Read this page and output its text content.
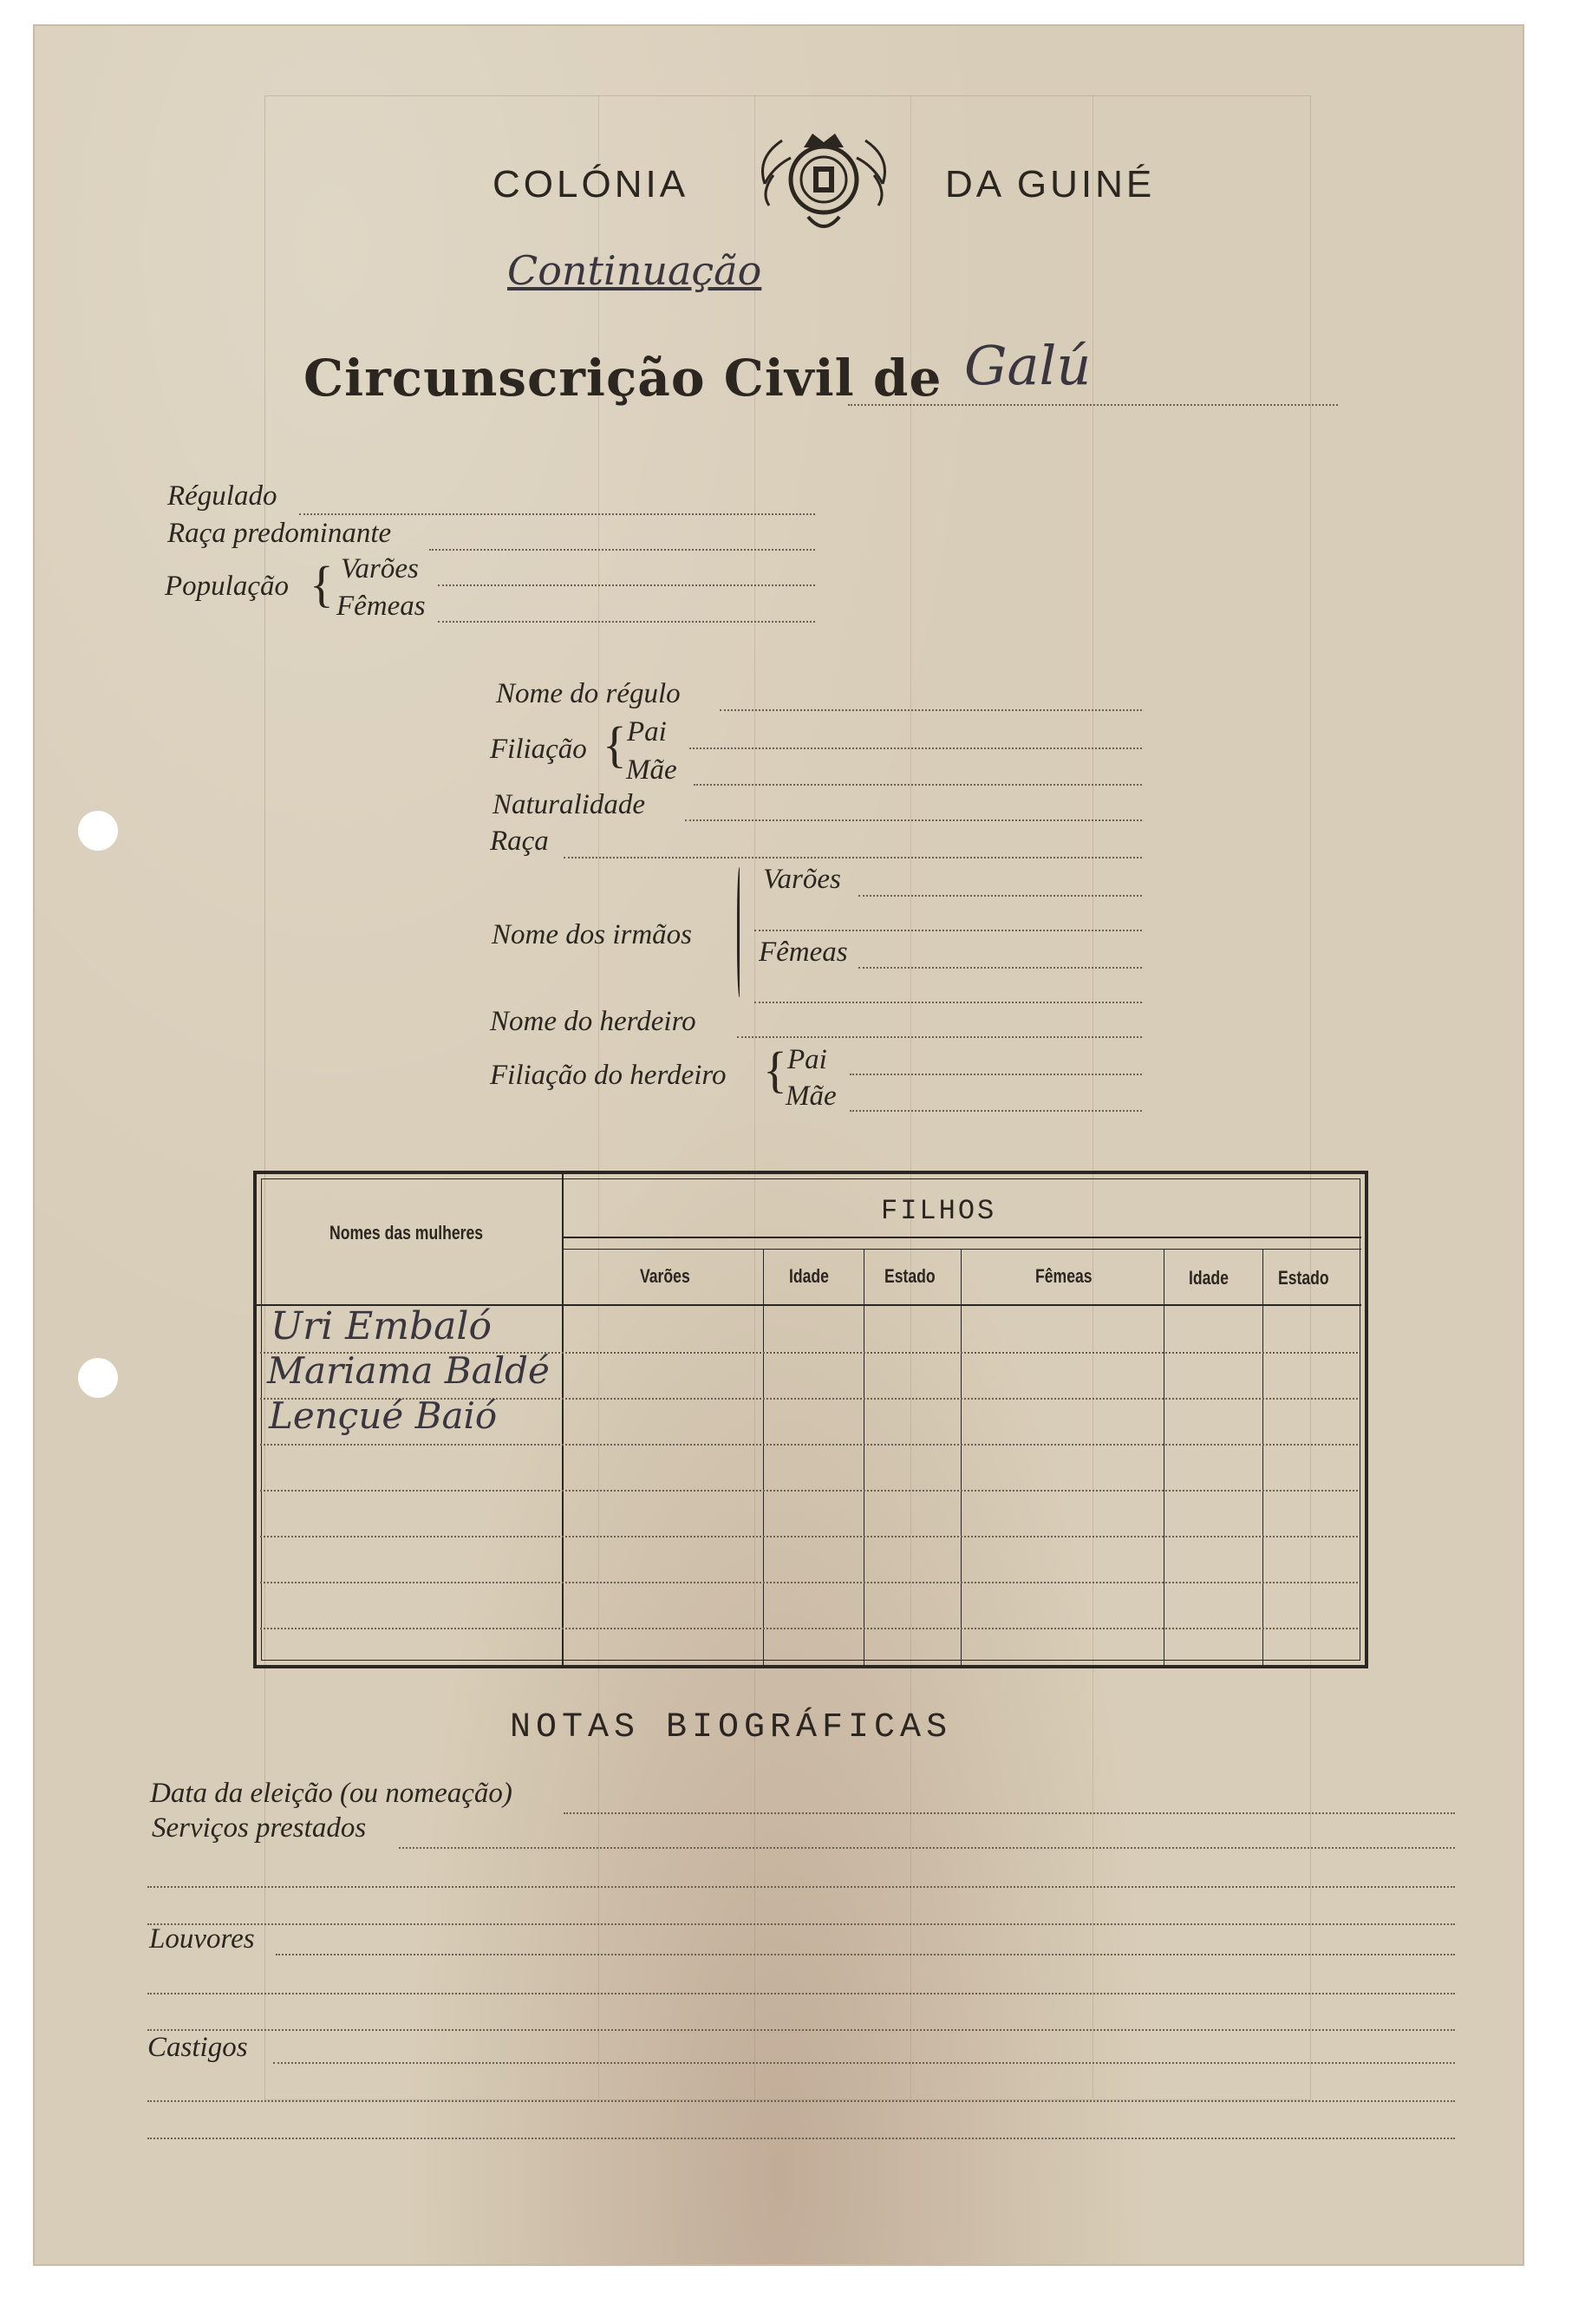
COLÓNIA	DA GUINÉ
Continuação
Circunscrição Civil de Galú
Régulado
Raça predominante
População { Varões
Fêmeas
Nome do régulo
Filiação { Pai
Mãe
Naturalidade
Raça
Nome dos irmãos
Varões
Fêmeas
Nome do herdeiro
Filiação do herdeiro { Pai
Mãe
Nomes das mulheres
FILHOS
Varões	Idade	Estado	Fêmeas	Idade	Estado
Uri Embaló
Mariama Baldé
Lençué Baió
NOTAS BIOGRÁFICAS
Data da eleição (ou nomeação)
Serviços prestados
Louvores
Castigos
